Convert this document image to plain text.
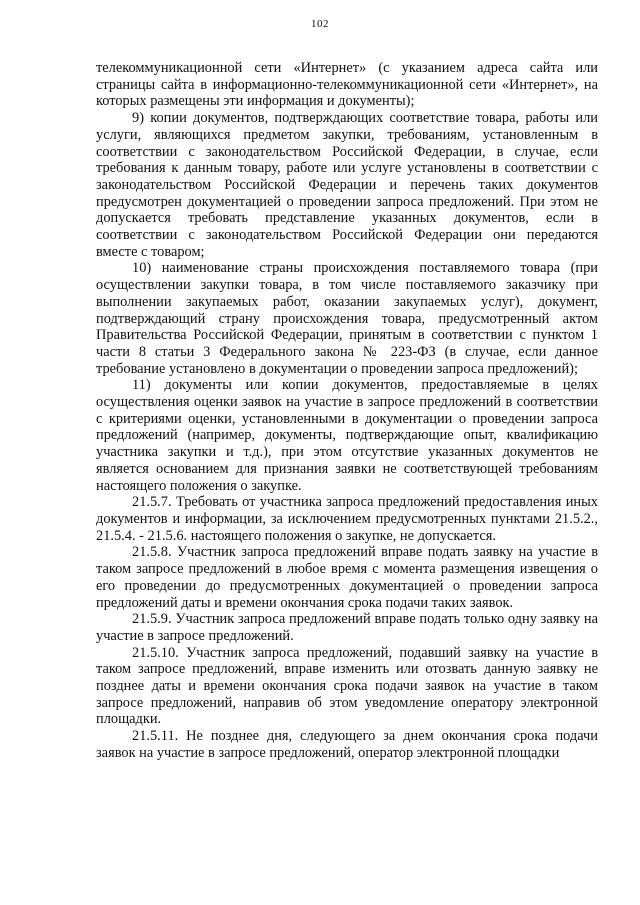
102

телекоммуникационной сети «Интернет» (с указанием адреса сайта или страницы сайта в информационно-телекоммуникационной сети «Интернет», на которых размещены эти информация и документы);

9) копии документов, подтверждающих соответствие товара, работы или услуги, являющихся предметом закупки, требованиям, установленным в соответствии с законодательством Российской Федерации, в случае, если требования к данным товару, работе или услуге установлены в соответствии с законодательством Российской Федерации и перечень таких документов предусмотрен документацией о проведении запроса предложений. При этом не допускается требовать представление указанных документов, если в соответствии с законодательством Российской Федерации они передаются вместе с товаром;

10) наименование страны происхождения поставляемого товара (при осуществлении закупки товара, в том числе поставляемого заказчику при выполнении закупаемых работ, оказании закупаемых услуг), документ, подтверждающий страну происхождения товара, предусмотренный актом Правительства Российской Федерации, принятым в соответствии с пунктом 1 части 8 статьи 3 Федерального закона № 223-ФЗ (в случае, если данное требование установлено в документации о проведении запроса предложений);

11) документы или копии документов, предоставляемые в целях осуществления оценки заявок на участие в запросе предложений в соответствии с критериями оценки, установленными в документации о проведении запроса предложений (например, документы, подтверждающие опыт, квалификацию участника закупки и т.д.), при этом отсутствие указанных документов не является основанием для признания заявки не соответствующей требованиям настоящего положения о закупке.

21.5.7. Требовать от участника запроса предложений предоставления иных документов и информации, за исключением предусмотренных пунктами 21.5.2., 21.5.4. - 21.5.6. настоящего положения о закупке, не допускается.

21.5.8. Участник запроса предложений вправе подать заявку на участие в таком запросе предложений в любое время с момента размещения извещения о его проведении до предусмотренных документацией о проведении запроса предложений даты и времени окончания срока подачи таких заявок.

21.5.9. Участник запроса предложений вправе подать только одну заявку на участие в запросе предложений.

21.5.10. Участник запроса предложений, подавший заявку на участие в таком запросе предложений, вправе изменить или отозвать данную заявку не позднее даты и времени окончания срока подачи заявок на участие в таком запросе предложений, направив об этом уведомление оператору электронной площадки.

21.5.11. Не позднее дня, следующего за днем окончания срока подачи заявок на участие в запросе предложений, оператор электронной площадки
